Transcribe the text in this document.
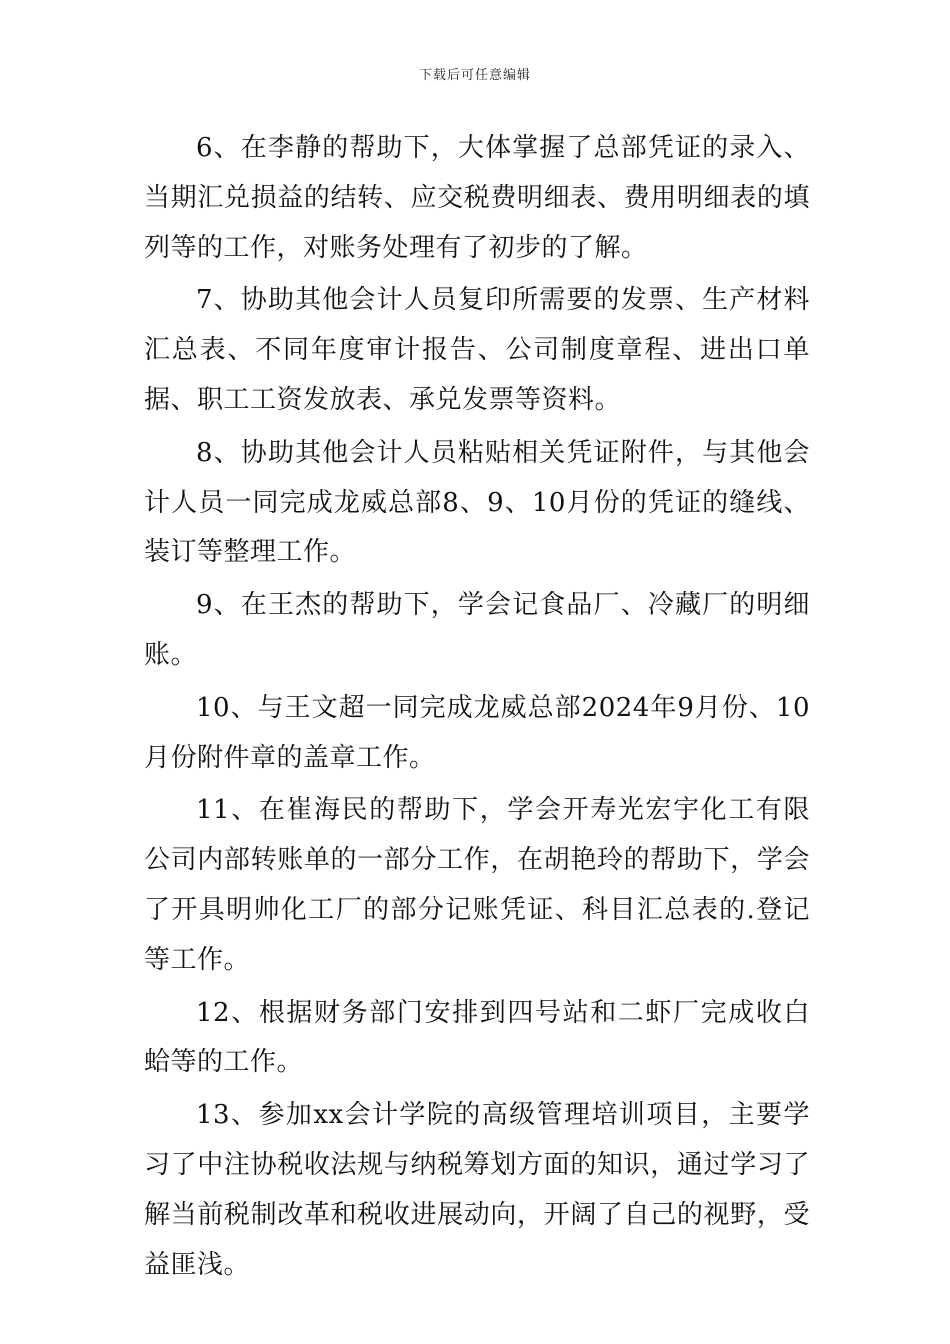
下载后可任意编辑

6、在李静的帮助下，大体掌握了总部凭证的录入、当期汇兑损益的结转、应交税费明细表、费用明细表的填列等的工作，对账务处理有了初步的了解。

7、协助其他会计人员复印所需要的发票、生产材料汇总表、不同年度审计报告、公司制度章程、进出口单据、职工工资发放表、承兑发票等资料。

8、协助其他会计人员粘贴相关凭证附件，与其他会计人员一同完成龙威总部8、9、10月份的凭证的缝线、装订等整理工作。

9、在王杰的帮助下，学会记食品厂、冷藏厂的明细账。

10、与王文超一同完成龙威总部2024年9月份、10月份附件章的盖章工作。

11、在崔海民的帮助下，学会开寿光宏宇化工有限公司内部转账单的一部分工作，在胡艳玲的帮助下，学会了开具明帅化工厂的部分记账凭证、科目汇总表的.登记等工作。

12、根据财务部门安排到四号站和二虾厂完成收白蛤等的工作。

13、参加xx会计学院的高级管理培训项目，主要学习了中注协税收法规与纳税筹划方面的知识，通过学习了解当前税制改革和税收进展动向，开阔了自己的视野，受益匪浅。
